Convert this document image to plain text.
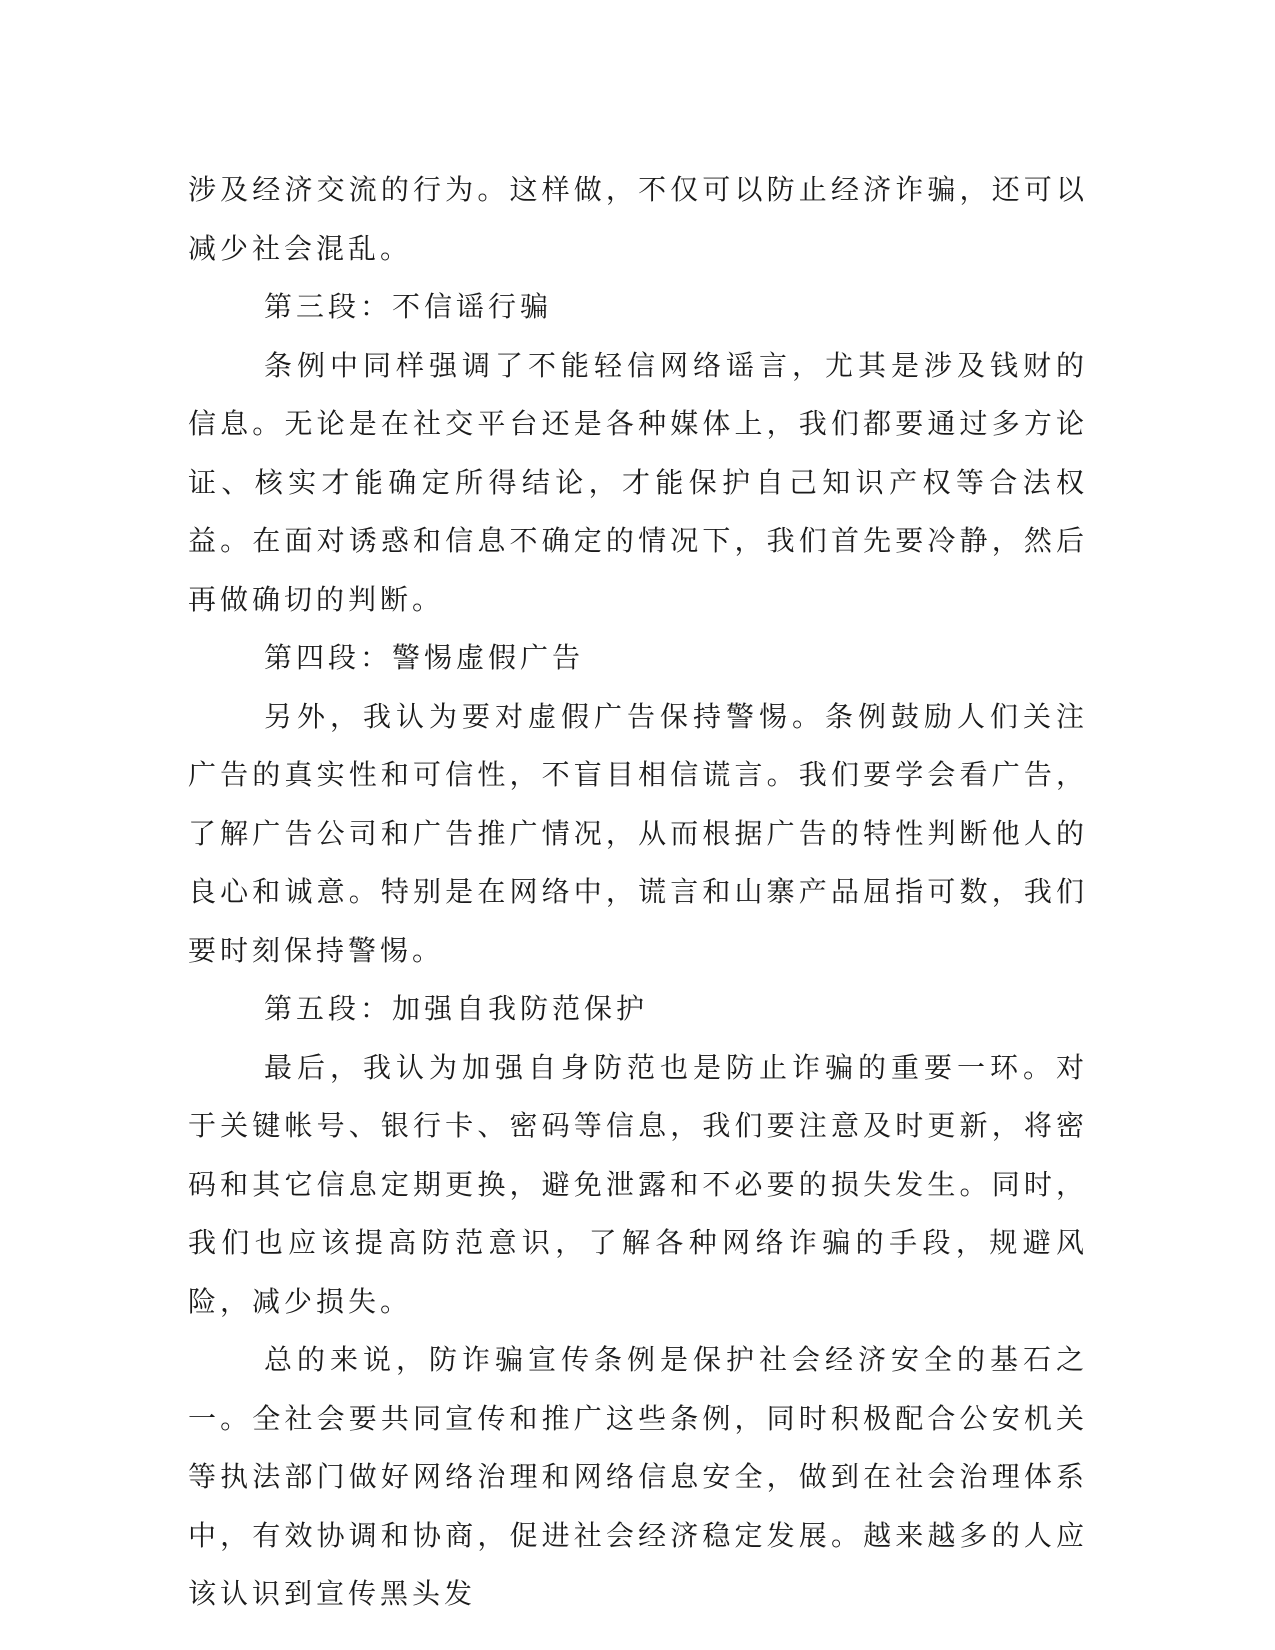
涉及经济交流的行为。这样做，不仅可以防止经济诈骗，还可以减少社会混乱。

第三段：不信谣行骗

条例中同样强调了不能轻信网络谣言，尤其是涉及钱财的信息。无论是在社交平台还是各种媒体上，我们都要通过多方论证、核实才能确定所得结论，才能保护自己知识产权等合法权益。在面对诱惑和信息不确定的情况下，我们首先要冷静，然后再做确切的判断。

第四段：警惕虚假广告

另外，我认为要对虚假广告保持警惕。条例鼓励人们关注广告的真实性和可信性，不盲目相信谎言。我们要学会看广告，了解广告公司和广告推广情况，从而根据广告的特性判断他人的良心和诚意。特别是在网络中，谎言和山寨产品屈指可数，我们要时刻保持警惕。

第五段：加强自我防范保护

最后，我认为加强自身防范也是防止诈骗的重要一环。对于关键帐号、银行卡、密码等信息，我们要注意及时更新，将密码和其它信息定期更换，避免泄露和不必要的损失发生。同时，我们也应该提高防范意识，了解各种网络诈骗的手段，规避风险，减少损失。

总的来说，防诈骗宣传条例是保护社会经济安全的基石之一。全社会要共同宣传和推广这些条例，同时积极配合公安机关等执法部门做好网络治理和网络信息安全，做到在社会治理体系中，有效协调和协商，促进社会经济稳定发展。越来越多的人应该认识到宣传黑头发
